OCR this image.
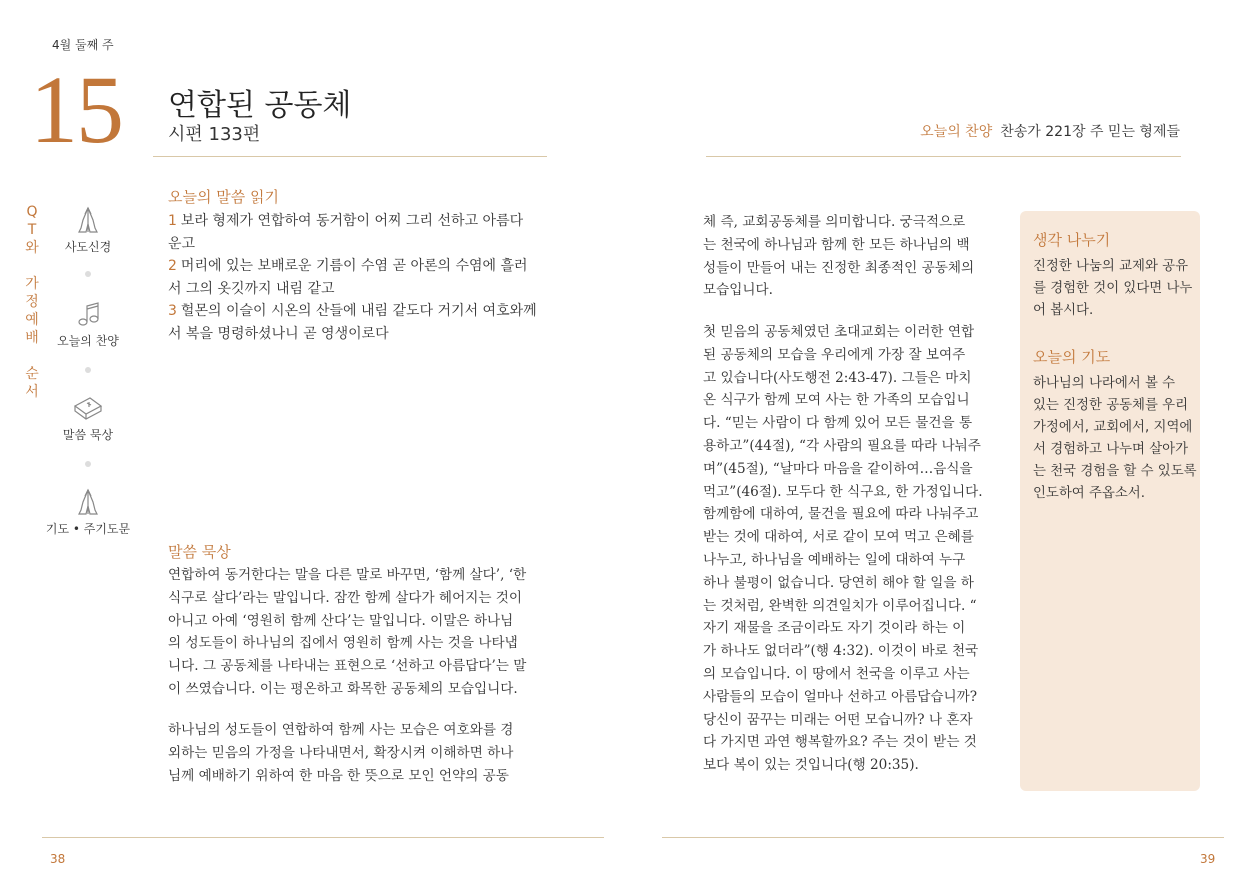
4월 둘째 주
15 연합된 공동체
시편 133편	오늘의 찬양 찬송가 221장 주 믿는 형제들
Q
T
와

가
정
예
배

순
서
사도신경
오늘의 찬양
말씀 묵상
기도 • 주기도문
오늘의 말씀 읽기
1 보라 형제가 연합하여 동거함이 어찌 그리 선하고 아름다
운고
2 머리에 있는 보배로운 기름이 수염 곧 아론의 수염에 흘러
서 그의 옷깃까지 내림 같고
3 헐몬의 이슬이 시온의 산들에 내림 같도다 거기서 여호와께
서 복을 명령하셨나니 곧 영생이로다
말씀 묵상
연합하여 동거한다는 말을 다른 말로 바꾸면, ‘함께 살다’, ‘한
식구로 살다’라는 말입니다. 잠깐 함께 살다가 헤어지는 것이
아니고 아예 ‘영원히 함께 산다’는 말입니다. 이말은 하나님
의 성도들이 하나님의 집에서 영원히 함께 사는 것을 나타냅
니다. 그 공동체를 나타내는 표현으로 ‘선하고 아름답다’는 말
이 쓰였습니다. 이는 평온하고 화목한 공동체의 모습입니다.
하나님의 성도들이 연합하여 함께 사는 모습은 여호와를 경
외하는 믿음의 가정을 나타내면서, 확장시켜 이해하면 하나
님께 예배하기 위하여 한 마음 한 뜻으로 모인 언약의 공동
체 즉, 교회공동체를 의미합니다. 궁극적으로
는 천국에 하나님과 함께 한 모든 하나님의 백
성들이 만들어 내는 진정한 최종적인 공동체의
모습입니다.
첫 믿음의 공동체였던 초대교회는 이러한 연합
된 공동체의 모습을 우리에게 가장 잘 보여주
고 있습니다(사도행전 2:43-47). 그들은 마치
온 식구가 함께 모여 사는 한 가족의 모습입니
다. “믿는 사람이 다 함께 있어 모든 물건을 통
용하고”(44절), “각 사람의 필요를 따라 나눠주
며”(45절), “날마다 마음을 같이하여…음식을
먹고”(46절). 모두다 한 식구요, 한 가정입니다.
함께함에 대하여, 물건을 필요에 따라 나눠주고
받는 것에 대하여, 서로 같이 모여 먹고 은혜를
나누고, 하나님을 예배하는 일에 대하여 누구
하나 불평이 없습니다. 당연히 해야 할 일을 하
는 것처럼, 완벽한 의견일치가 이루어집니다. “
자기 재물을 조금이라도 자기 것이라 하는 이
가 하나도 없더라”(행 4:32). 이것이 바로 천국
의 모습입니다. 이 땅에서 천국을 이루고 사는
사람들의 모습이 얼마나 선하고 아름답습니까?
당신이 꿈꾸는 미래는 어떤 모습니까? 나 혼자
다 가지면 과연 행복할까요? 주는 것이 받는 것
보다 복이 있는 것입니다(행 20:35).
생각 나누기
진정한 나눔의 교제와 공유
를 경험한 것이 있다면 나누
어 봅시다.
오늘의 기도
하나님의 나라에서 볼 수
있는 진정한 공동체를 우리
가정에서, 교회에서, 지역에
서 경험하고 나누며 살아가
는 천국 경험을 할 수 있도록
인도하여 주옵소서.
38	39
